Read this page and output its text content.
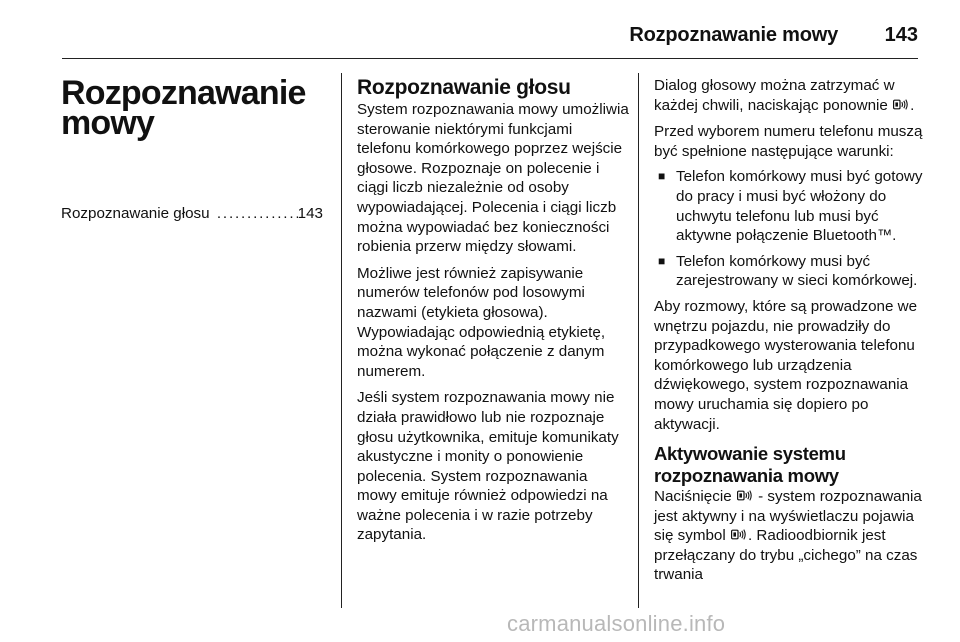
Rozpoznawanie mowy 143
Rozpoznawanie
mowy
Rozpoznawanie głosu
. . .	143
Rozpoznawanie głosu

System rozpoznawania mowy umożliwia sterowanie niektórymi funkcjami telefonu komórkowego poprzez wejście głosowe. Rozpoznaje on polecenie i ciągi liczb niezależnie od osoby wypowiadającej. Polecenia i ciągi liczb można wypowiadać bez konieczności robienia przerw między słowami.

Możliwe jest również zapisywanie numerów telefonów pod losowymi nazwami (etykieta głosowa). Wypowiadając odpowiednią etykietę, można wykonać połączenie z danym numerem.

Jeśli system rozpoznawania mowy nie działa prawidłowo lub nie rozpoznaje głosu użytkownika, emituje komunikaty akustyczne i monity o ponowienie polecenia. System rozpoznawania mowy emituje również odpowiedzi na ważne polecenia i w razie potrzeby zapytania.

Dialog głosowy można zatrzymać w każdej chwili, naciskając ponownie .

Przed wyborem numeru telefonu muszą być spełnione następujące warunki:

■ Telefon komórkowy musi być gotowy do pracy i musi być włożony do uchwytu telefonu lub musi być aktywne połączenie Bluetooth™.
■ Telefon komórkowy musi być zarejestrowany w sieci komórkowej.

Aby rozmowy, które są prowadzone we wnętrzu pojazdu, nie prowadziły do przypadkowego wysterowania telefonu komórkowego lub urządzenia dźwiękowego, system rozpoznawania mowy uruchamia się dopiero po aktywacji.

Aktywowanie systemu rozpoznawania mowy

Naciśnięcie  - system rozpoznawania jest aktywny i na wyświetlaczu pojawia się symbol . Radioodbiornik jest przełączany do trybu „cichego” na czas trwania

carmanualsonline.info
